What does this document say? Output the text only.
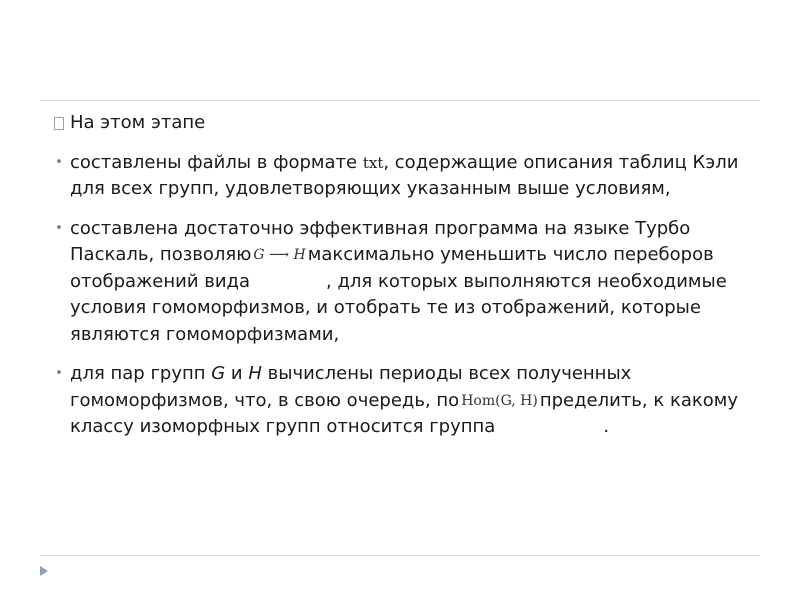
На этом этапе
• составлены файлы в формате txt, содержащие описания таблиц Кэли для всех групп, удовлетворяющих указанным выше условиям,
• составлена достаточно эффективная программа на языке Турбо Паскаль, позволяю G ⟶ H максимально уменьшить число переборов отображений вида	, для которых выполняются необходимые условия гомоморфизмов, и отобрать те из отображений, которые являются гомоморфизмами,
• для пар групп G и H вычислены периоды всех полученных гомоморфизмов, что, в свою очередь, по Hom(G, H) пределить, к какому классу изоморфных групп относится группа	.
